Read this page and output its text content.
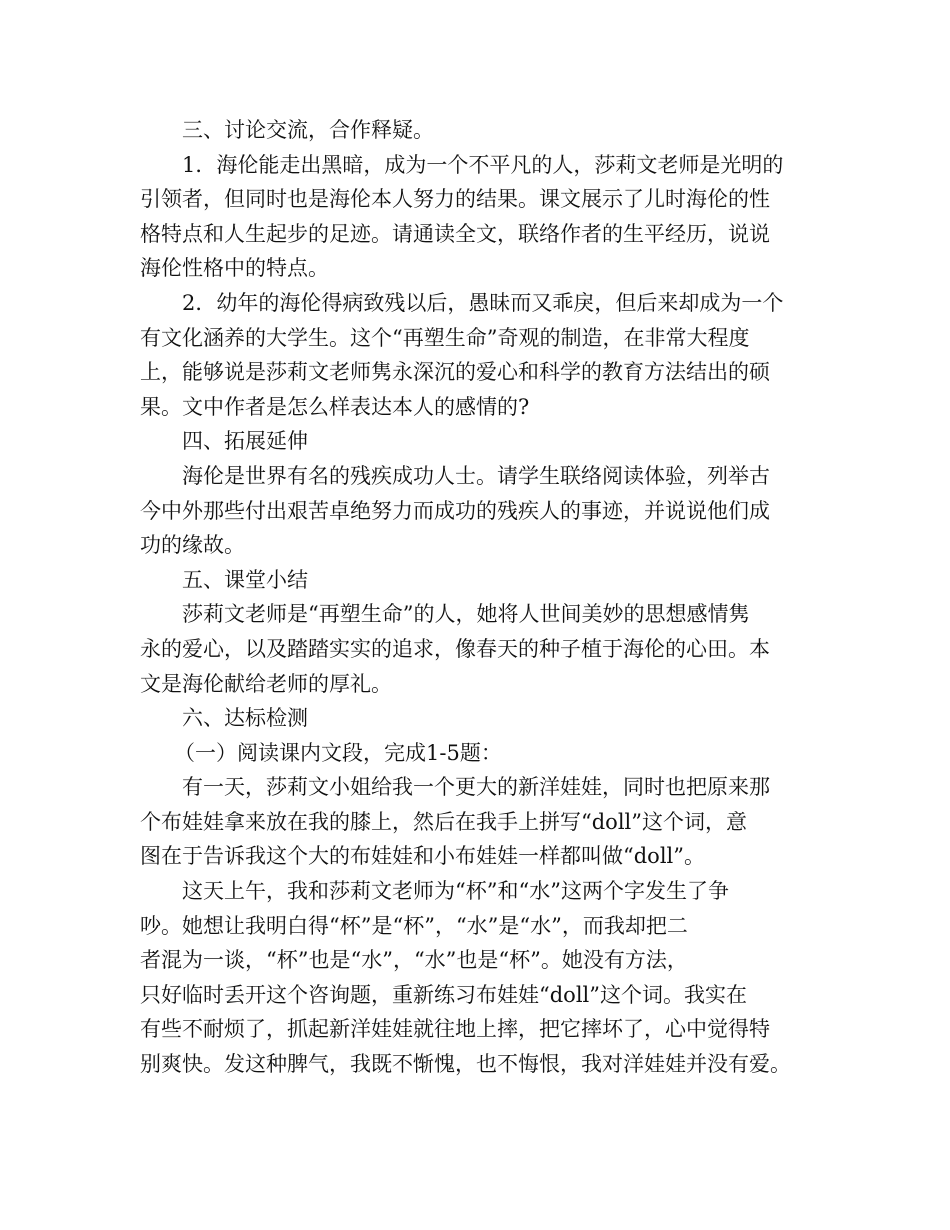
三、讨论交流，合作释疑。
1．海伦能走出黑暗，成为一个不平凡的人，莎莉文老师是光明的
引领者，但同时也是海伦本人努力的结果。课文展示了儿时海伦的性
格特点和人生起步的足迹。请通读全文，联络作者的生平经历，说说
海伦性格中的特点。
2．幼年的海伦得病致残以后，愚昧而又乖戾，但后来却成为一个
有文化涵养的大学生。这个“再塑生命”奇观的制造，在非常大程度
上，能够说是莎莉文老师隽永深沉的爱心和科学的教育方法结出的硕
果。文中作者是怎么样表达本人的感情的?
四、拓展延伸
海伦是世界有名的残疾成功人士。请学生联络阅读体验，列举古
今中外那些付出艰苦卓绝努力而成功的残疾人的事迹，并说说他们成
功的缘故。
五、课堂小结
莎莉文老师是“再塑生命”的人，她将人世间美妙的思想感情隽
永的爱心，以及踏踏实实的追求，像春天的种子植于海伦的心田。本
文是海伦献给老师的厚礼。
六、达标检测
（一）阅读课内文段，完成1-5题：
有一天，莎莉文小姐给我一个更大的新洋娃娃，同时也把原来那
个布娃娃拿来放在我的膝上，然后在我手上拼写“doll”这个词，意
图在于告诉我这个大的布娃娃和小布娃娃一样都叫做“doll”。
这天上午，我和莎莉文老师为“杯”和“水”这两个字发生了争
吵。她想让我明白得“杯”是“杯”，“水”是“水”，而我却把二
者混为一谈，“杯”也是“水”，“水”也是“杯”。她没有方法，
只好临时丢开这个咨询题，重新练习布娃娃“doll”这个词。我实在
有些不耐烦了，抓起新洋娃娃就往地上摔，把它摔坏了，心中觉得特
别爽快。发这种脾气，我既不惭愧，也不悔恨，我对洋娃娃并没有爱。
